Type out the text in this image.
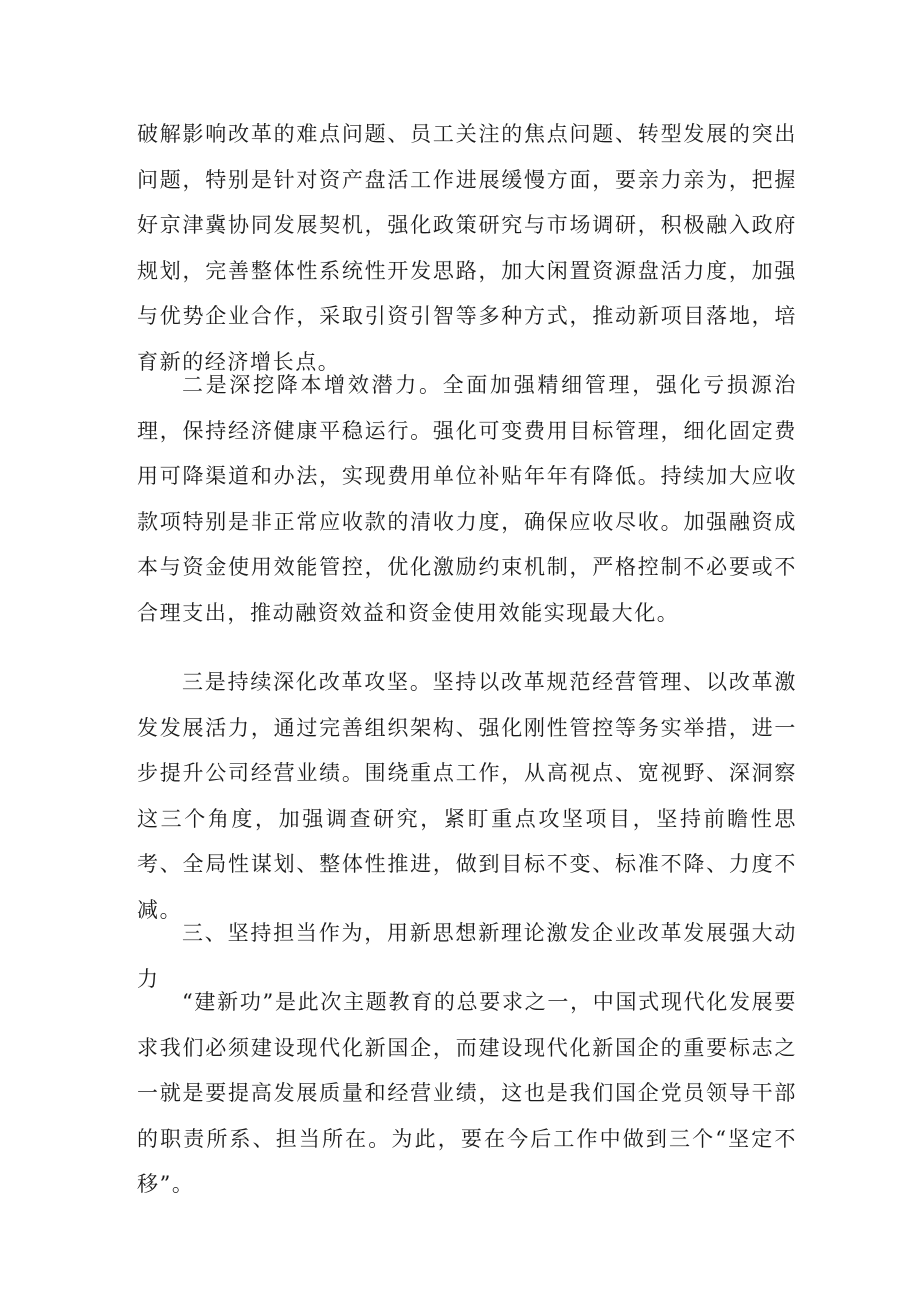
破解影响改革的难点问题、员工关注的焦点问题、转型发展的突出问题，特别是针对资产盘活工作进展缓慢方面，要亲力亲为，把握好京津冀协同发展契机，强化政策研究与市场调研，积极融入政府规划，完善整体性系统性开发思路，加大闲置资源盘活力度，加强与优势企业合作，采取引资引智等多种方式，推动新项目落地，培育新的经济增长点。

二是深挖降本增效潜力。全面加强精细管理，强化亏损源治理，保持经济健康平稳运行。强化可变费用目标管理，细化固定费用可降渠道和办法，实现费用单位补贴年年有降低。持续加大应收款项特别是非正常应收款的清收力度，确保应收尽收。加强融资成本与资金使用效能管控，优化激励约束机制，严格控制不必要或不合理支出，推动融资效益和资金使用效能实现最大化。

三是持续深化改革攻坚。坚持以改革规范经营管理、以改革激发发展活力，通过完善组织架构、强化刚性管控等务实举措，进一步提升公司经营业绩。围绕重点工作，从高视点、宽视野、深洞察这三个角度，加强调查研究，紧盯重点攻坚项目，坚持前瞻性思考、全局性谋划、整体性推进，做到目标不变、标准不降、力度不减。

三、坚持担当作为，用新思想新理论激发企业改革发展强大动力

“建新功”是此次主题教育的总要求之一，中国式现代化发展要求我们必须建设现代化新国企，而建设现代化新国企的重要标志之一就是要提高发展质量和经营业绩，这也是我们国企党员领导干部的职责所系、担当所在。为此，要在今后工作中做到三个“坚定不移”。
